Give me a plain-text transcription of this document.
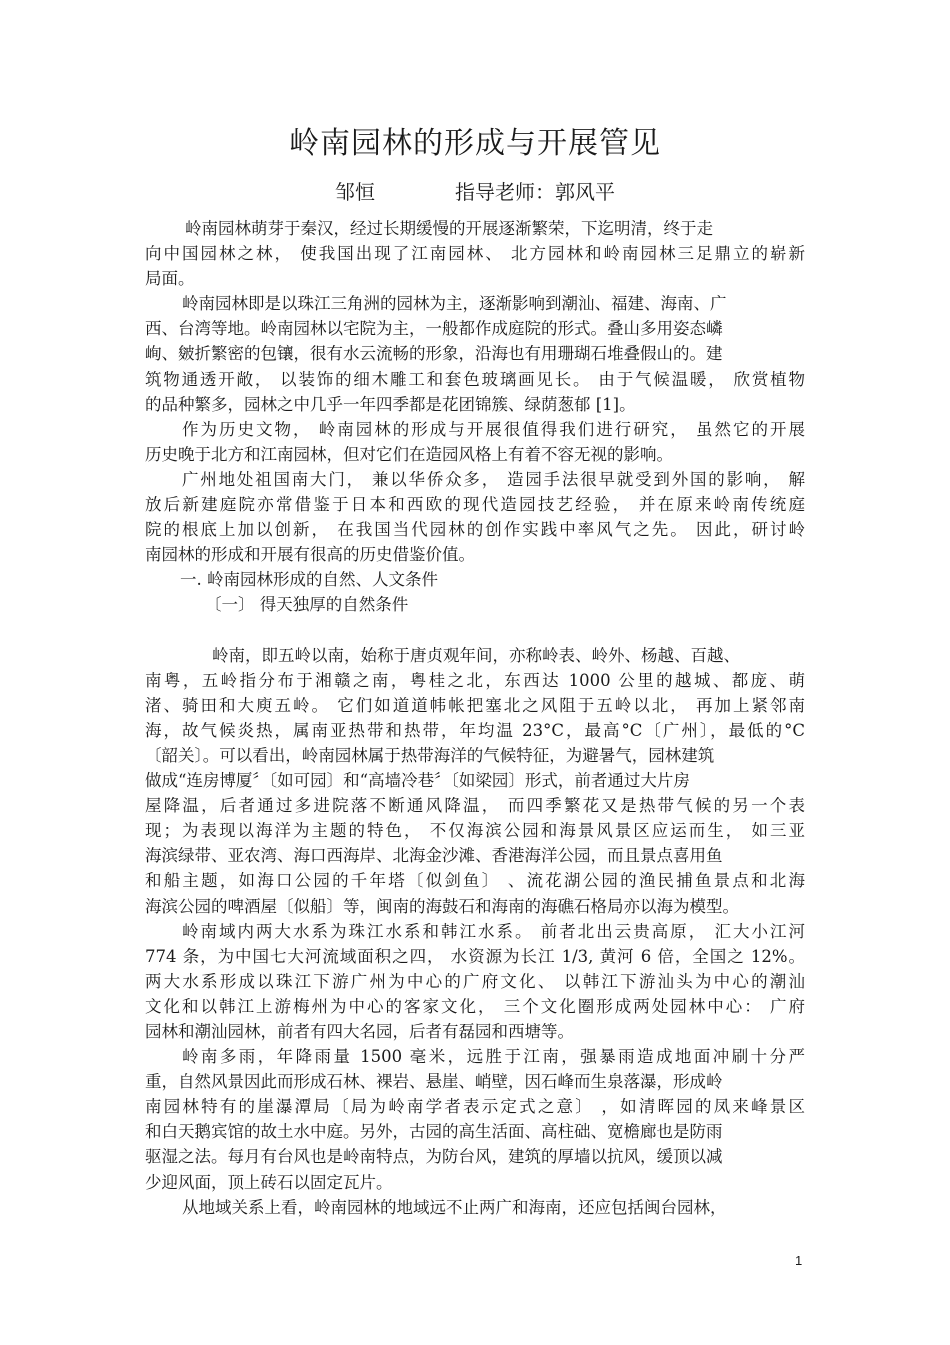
岭南园林的形成与开展管见
邹恒	指导老师：郭风平
岭南园林萌芽于秦汉，经过长期缓慢的开展逐渐繁荣，下迄明清，终于走
向中国园林之林， 使我国出现了江南园林、 北方园林和岭南园林三足鼎立的崭新
局面。
岭南园林即是以珠江三角洲的园林为主，逐渐影响到潮汕、福建、海南、广
西、台湾等地。岭南园林以宅院为主，一般都作成庭院的形式。叠山多用姿态嶙
峋、皴折繁密的包镶，很有水云流畅的形象，沿海也有用珊瑚石堆叠假山的。建
筑物通透开敞， 以装饰的细木雕工和套色玻璃画见长。 由于气候温暖， 欣赏植物
的品种繁多，园林之中几乎一年四季都是花团锦簇、绿荫葱郁 [1]。
作为历史文物， 岭南园林的形成与开展很值得我们进行研究， 虽然它的开展
历史晚于北方和江南园林，但对它们在造园风格上有着不容无视的影响。
广州地处祖国南大门， 兼以华侨众多， 造园手法很早就受到外国的影响， 解
放后新建庭院亦常借鉴于日本和西欧的现代造园技艺经验， 并在原来岭南传统庭
院的根底上加以创新， 在我国当代园林的创作实践中率风气之先。 因此，研讨岭
南园林的形成和开展有很高的历史借鉴价值。
一. 岭南园林形成的自然、人文条件
〔一〕 得天独厚的自然条件
岭南，即五岭以南，始称于唐贞观年间，亦称岭表、岭外、杨越、百越、
南粤，五岭指分布于湘赣之南，粤桂之北，东西达 1000 公里的越城、都庞、萌
渚、骑田和大庾五岭。 它们如道道帏帐把塞北之风阻于五岭以北， 再加上紧邻南
海，故气候炎热，属南亚热带和热带，年均温 23°C，最高°C〔广州〕，最低的°C
〔韶关〕。可以看出，岭南园林属于热带海洋的气候特征，为避暑气，园林建筑
做成“连房博厦〞〔如可园〕和“高墙冷巷〞〔如梁园〕形式，前者通过大片房
屋降温，后者通过多进院落不断通风降温， 而四季繁花又是热带气候的另一个表
现；为表现以海洋为主题的特色， 不仅海滨公园和海景风景区应运而生， 如三亚
海滨绿带、亚农湾、海口西海岸、北海金沙滩、香港海洋公园，而且景点喜用鱼
和船主题，如海口公园的千年塔〔似剑鱼〕 、流花湖公园的渔民捕鱼景点和北海
海滨公园的啤酒屋〔似船〕等，闽南的海鼓石和海南的海礁石格局亦以海为模型。
岭南域内两大水系为珠江水系和韩江水系。 前者北出云贵高原， 汇大小江河
774 条，为中国七大河流域面积之四， 水资源为长江 1/3, 黄河 6 倍，全国之 12%。
两大水系形成以珠江下游广州为中心的广府文化、 以韩江下游汕头为中心的潮汕
文化和以韩江上游梅州为中心的客家文化， 三个文化圈形成两处园林中心： 广府
园林和潮汕园林，前者有四大名园，后者有磊园和西塘等。
岭南多雨，年降雨量 1500 毫米，远胜于江南，强暴雨造成地面冲刷十分严
重，自然风景因此而形成石林、裸岩、悬崖、峭壁，因石峰而生泉落瀑，形成岭
南园林特有的崖瀑潭局〔局为岭南学者表示定式之意〕 ，如清晖园的凤来峰景区
和白天鹅宾馆的故土水中庭。另外，古园的高生活面、高柱础、宽檐廊也是防雨
驱湿之法。每月有台风也是岭南特点，为防台风，建筑的厚墙以抗风，缓顶以减
少迎风面，顶上砖石以固定瓦片。
从地域关系上看，岭南园林的地域远不止两广和海南，还应包括闽台园林，
1
